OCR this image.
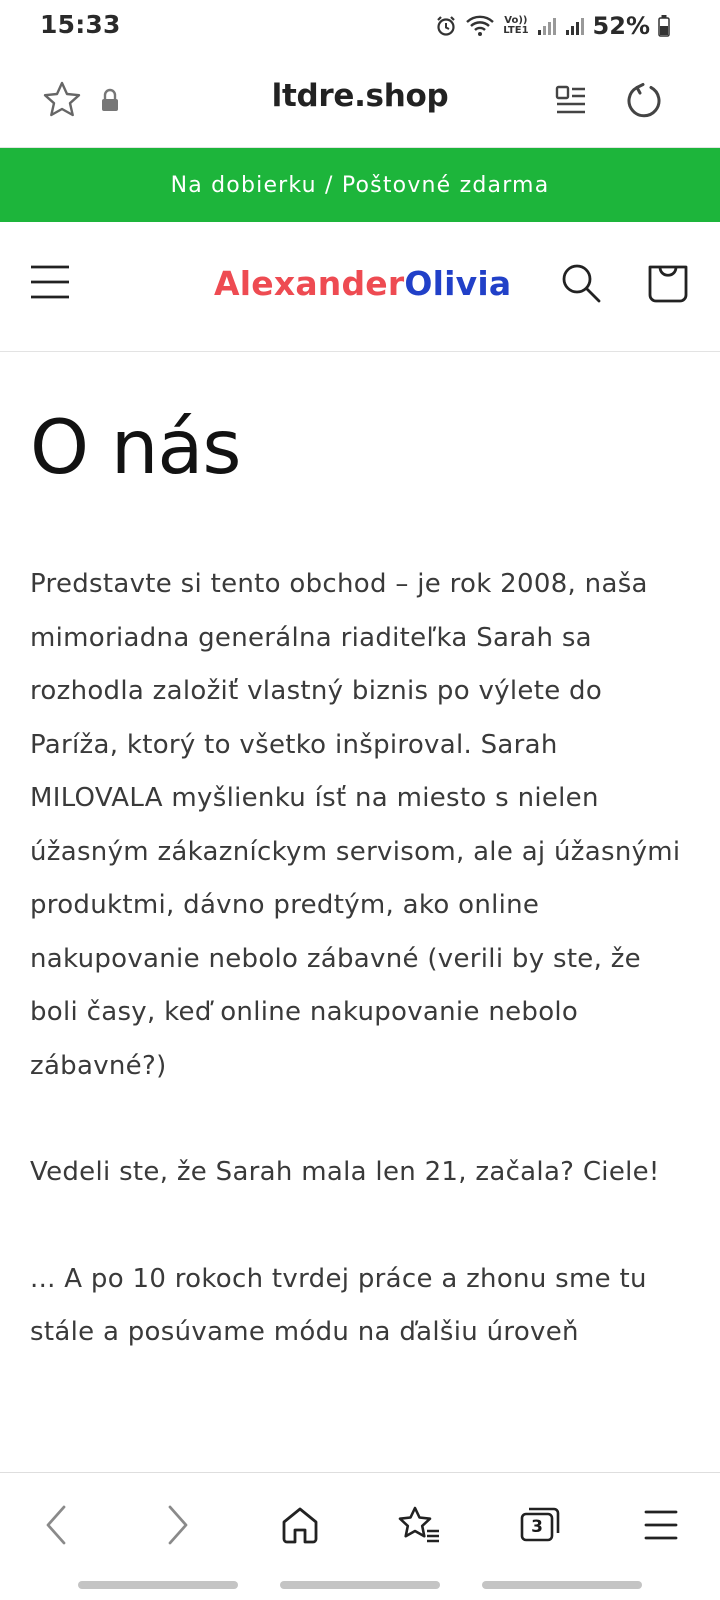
15:33	Vo))
LTE1	52%
ltdre.shop
Na dobierku / Poštovné zdarma
AlexanderOlivia
O nás

Predstavte si tento obchod – je rok 2008, naša mimoriadna generálna riaditeľka Sarah sa rozhodla založiť vlastný biznis po výlete do Paríža, ktorý to všetko inšpiroval. Sarah MILOVALA myšlienku ísť na miesto s nielen úžasným zákazníckym servisom, ale aj úžasnými produktmi, dávno predtým, ako online nakupovanie nebolo zábavné (verili by ste, že boli časy, keď online nakupovanie nebolo zábavné?)

Vedeli ste, že Sarah mala len 21, začala? Ciele!

... A po 10 rokoch tvrdej práce a zhonu sme tu stále a posúvame módu na ďalšiu úroveň

3
